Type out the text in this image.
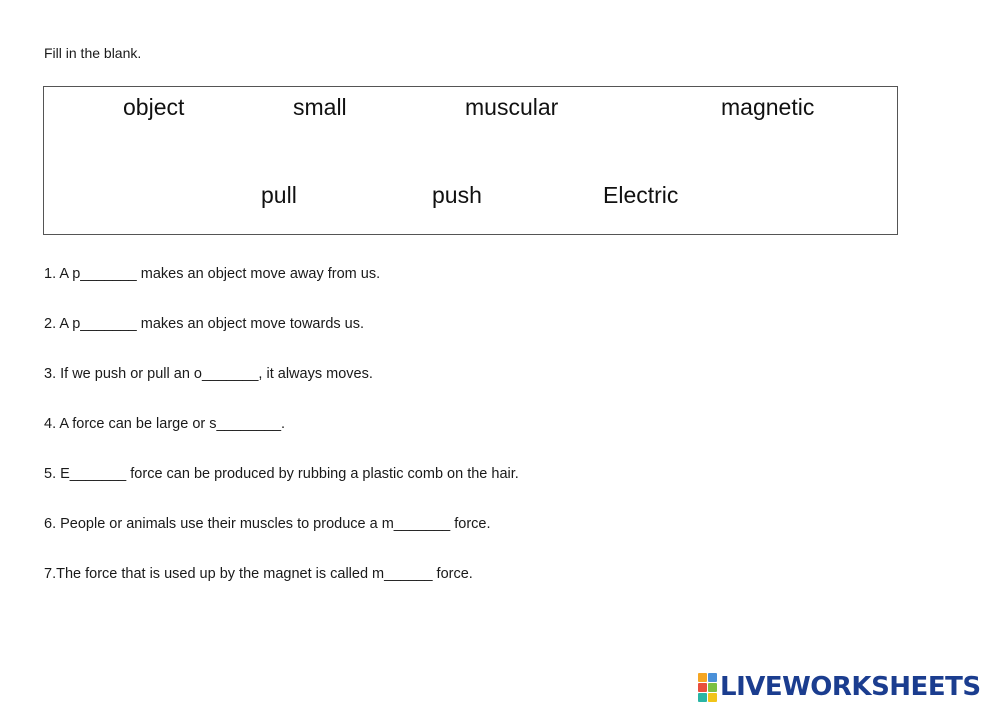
Fill in the blank.
object	small	muscular	magnetic
pull	push	Electric
1. A p_______ makes an object move away from us.
2. A p_______ makes an object move towards us.
3. If we push or pull an o_______, it always moves.
4. A force can be large or s________.
5. E_______ force can be produced by rubbing a plastic comb on the hair.
6. People or animals use their muscles to produce a m_______ force.
7.The force that is used up by the magnet is called m______ force.
LIVEWORKSHEETS
